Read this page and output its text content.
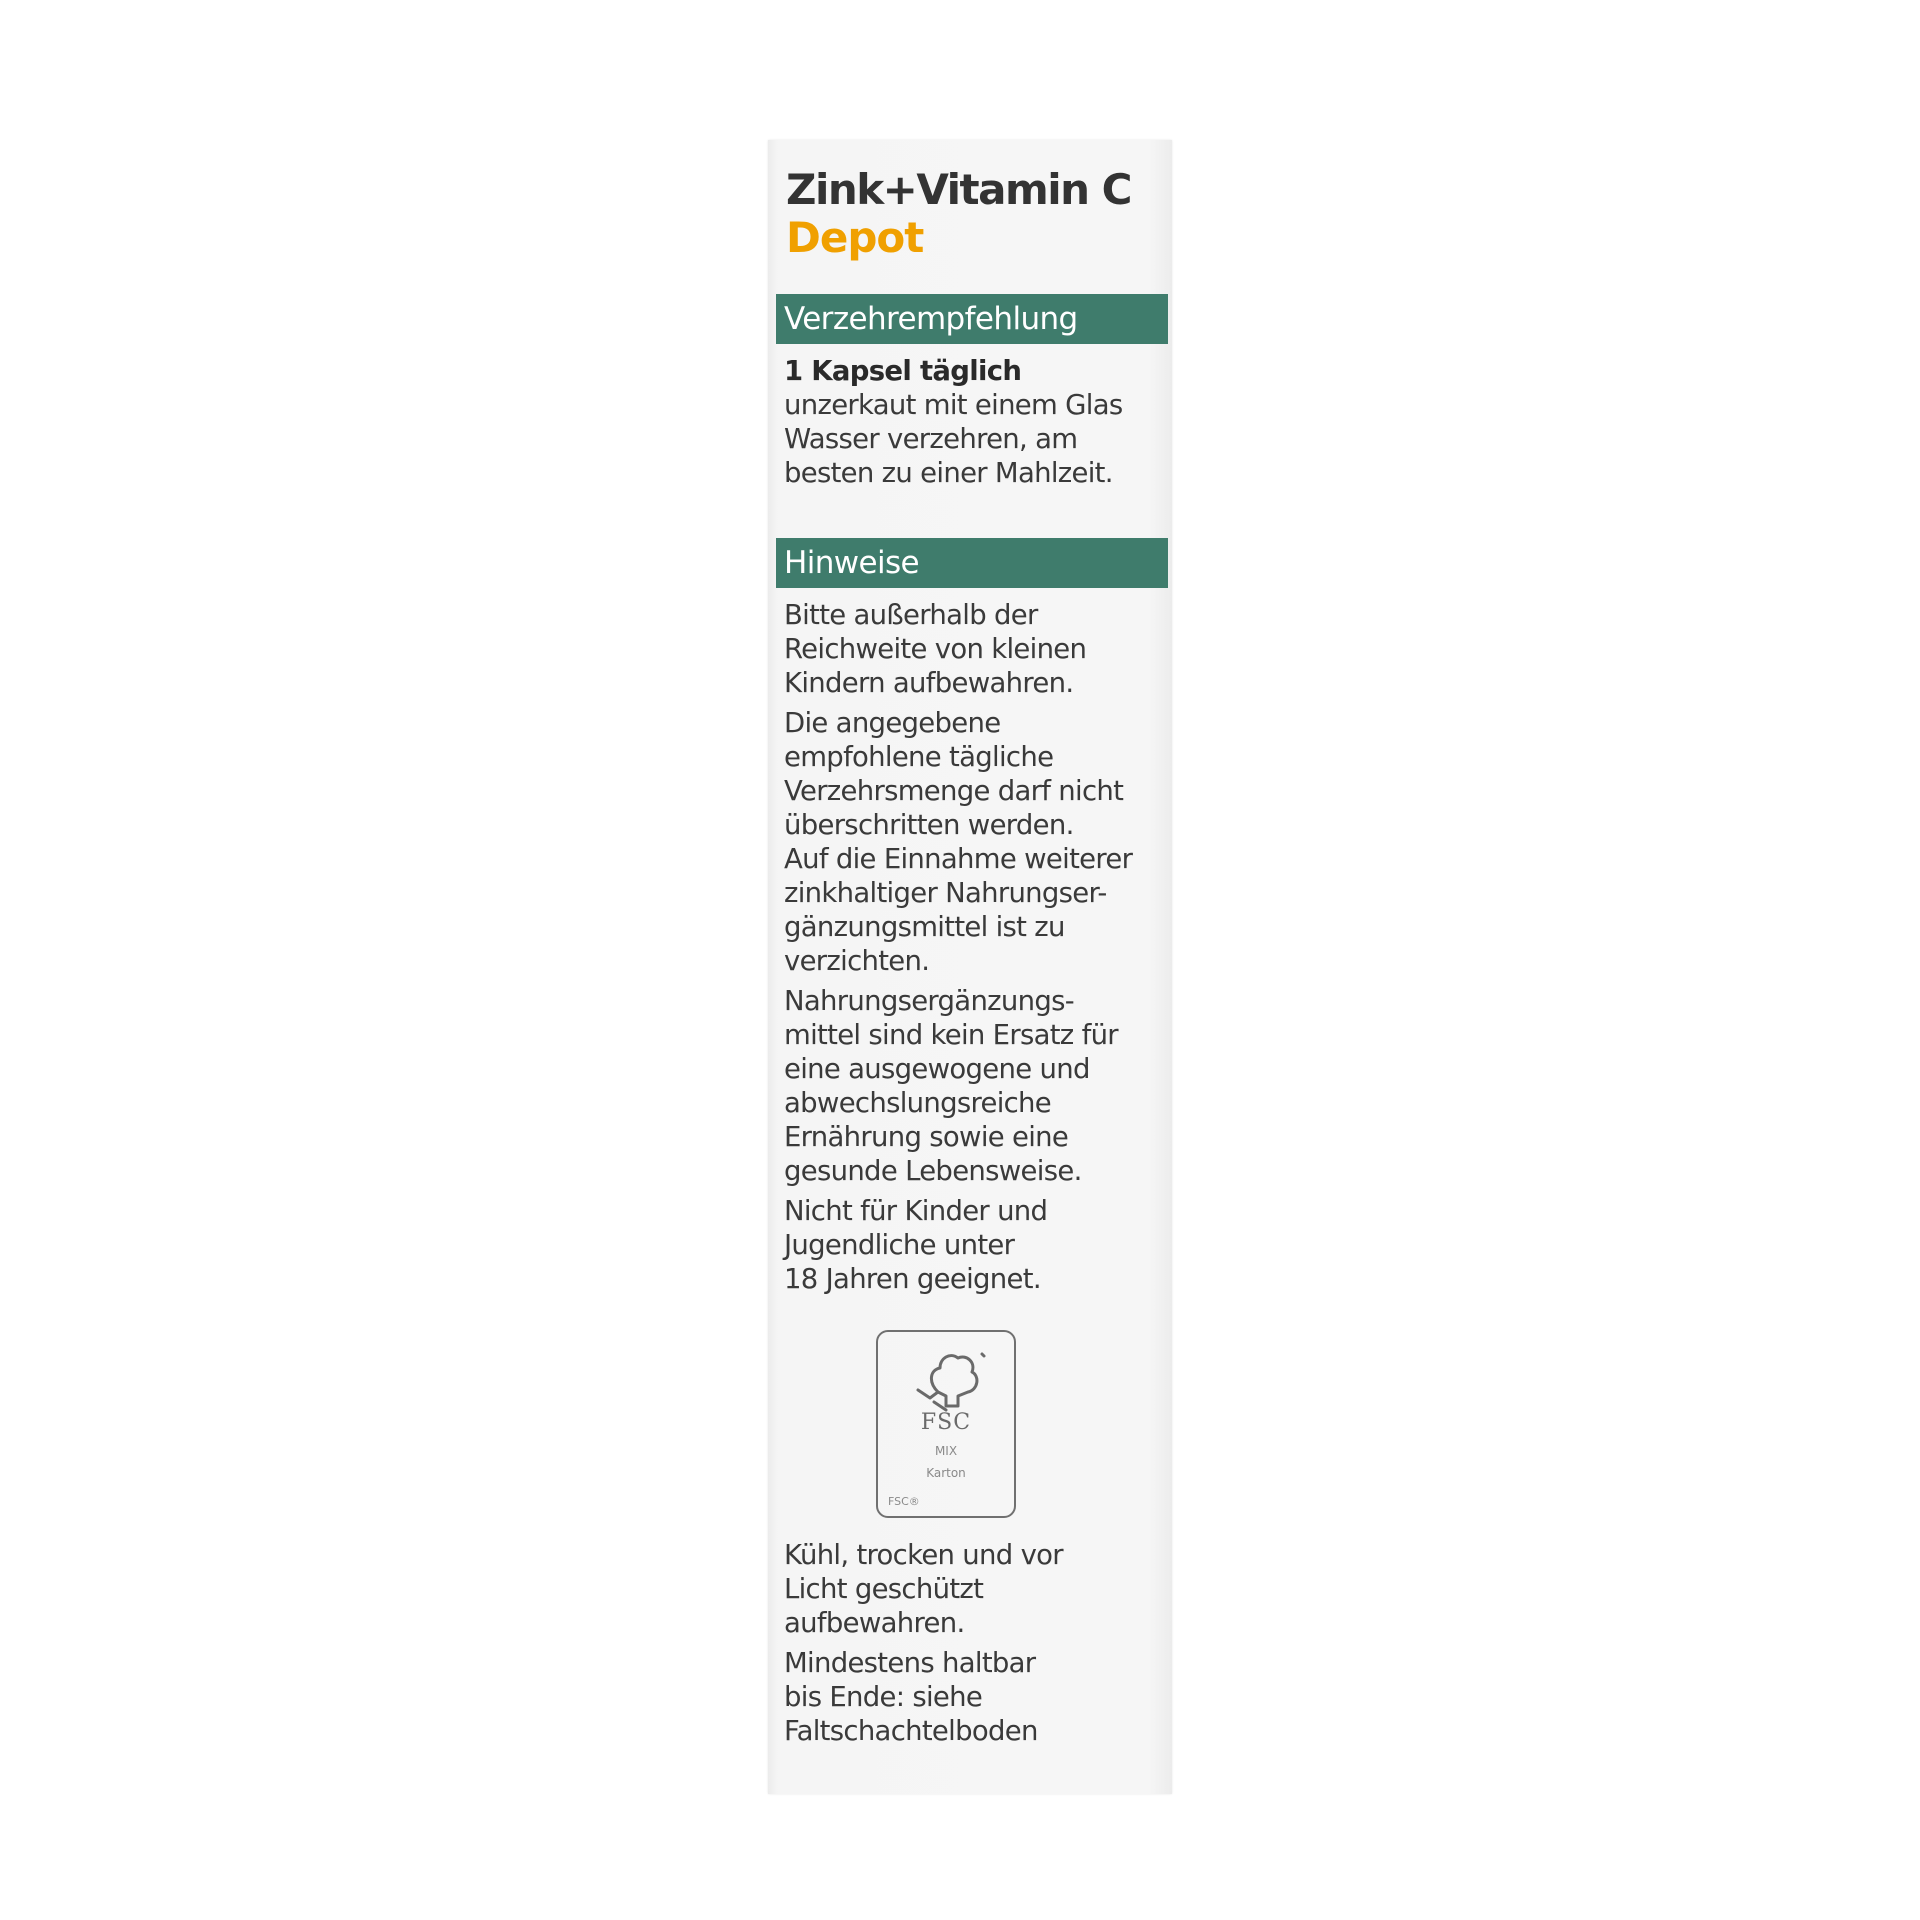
Zink+Vitamin C
Depot
Verzehrempfehlung
1 Kapsel täglich
unzerkaut mit einem Glas
Wasser verzehren, am
besten zu einer Mahlzeit.
Hinweise
Bitte außerhalb der
Reichweite von kleinen
Kindern aufbewahren.
Die angegebene
empfohlene tägliche
Verzehrsmenge darf nicht
überschritten werden.
Auf die Einnahme weiterer
zinkhaltiger Nahrungser-
gänzungsmittel ist zu
verzichten.
Nahrungsergänzungs-
mittel sind kein Ersatz für
eine ausgewogene und
abwechslungsreiche
Ernährung sowie eine
gesunde Lebensweise.
Nicht für Kinder und
Jugendliche unter
18 Jahren geeignet.
FSC
MIX
Karton
FSC®
Kühl, trocken und vor
Licht geschützt
aufbewahren.
Mindestens haltbar
bis Ende: siehe
Faltschachtelboden
